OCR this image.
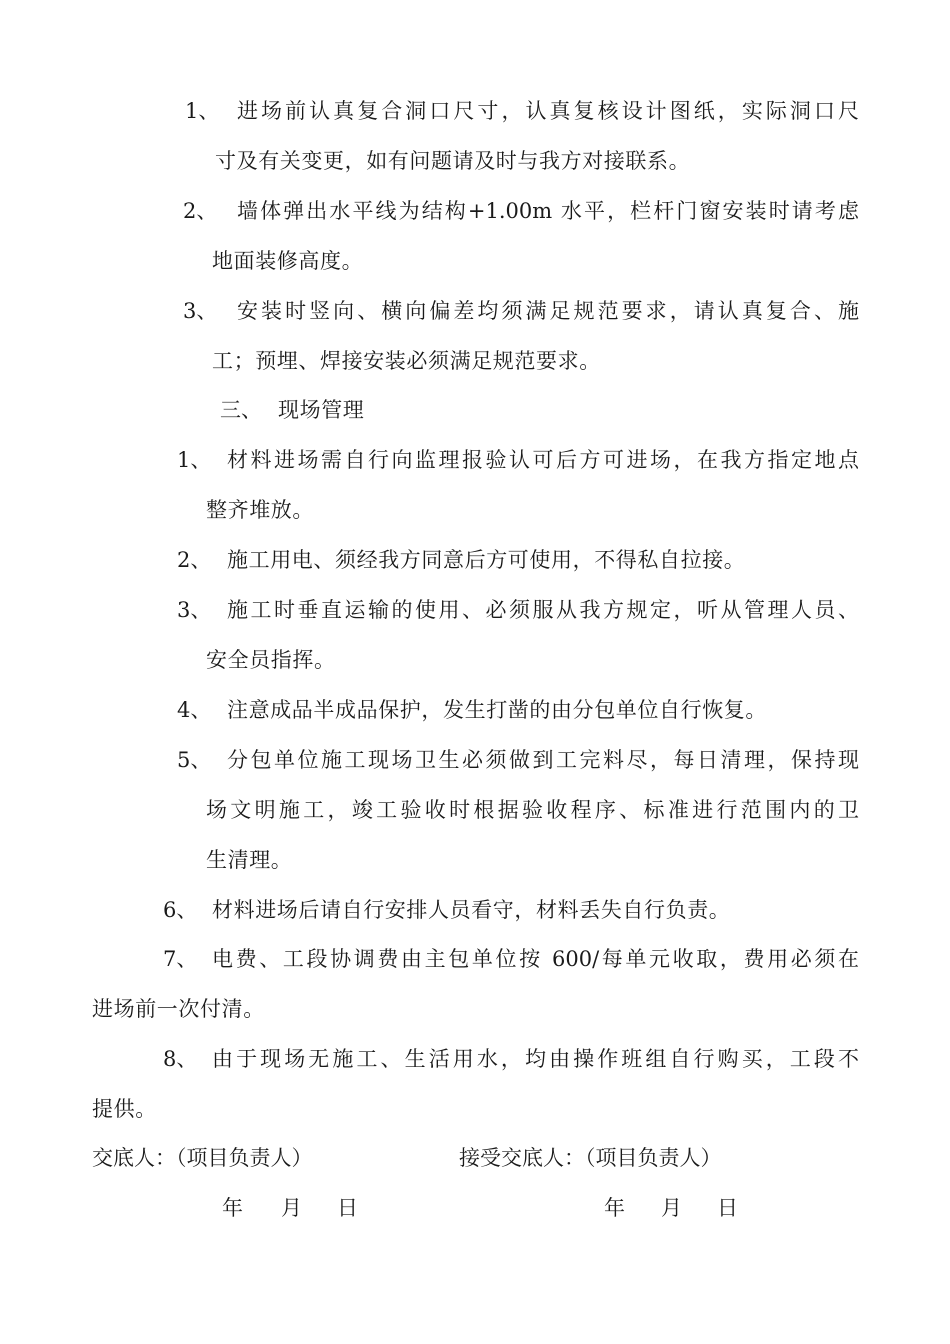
1、 进场前认真复合洞口尺寸，认真复核设计图纸，实际洞口尺
寸及有关变更，如有问题请及时与我方对接联系。
2、 墙体弹出水平线为结构+1.00m 水平，栏杆门窗安装时请考虑
地面装修高度。
3、 安装时竖向、横向偏差均须满足规范要求，请认真复合、施
工；预埋、焊接安装必须满足规范要求。
三、 现场管理
1、 材料进场需自行向监理报验认可后方可进场，在我方指定地点
整齐堆放。
2、 施工用电、须经我方同意后方可使用，不得私自拉接。
3、 施工时垂直运输的使用、必须服从我方规定，听从管理人员、
安全员指挥。
4、 注意成品半成品保护，发生打凿的由分包单位自行恢复。
5、 分包单位施工现场卫生必须做到工完料尽，每日清理，保持现
场文明施工，竣工验收时根据验收程序、标准进行范围内的卫
生清理。
6、 材料进场后请自行安排人员看守，材料丢失自行负责。
7、 电费、工段协调费由主包单位按 600/每单元收取，费用必须在
进场前一次付清。
8、 由于现场无施工、生活用水，均由操作班组自行购买，工段不
提供。
交底人：（项目负责人）
年 月 日
接受交底人：（项目负责人）
年 月 日
